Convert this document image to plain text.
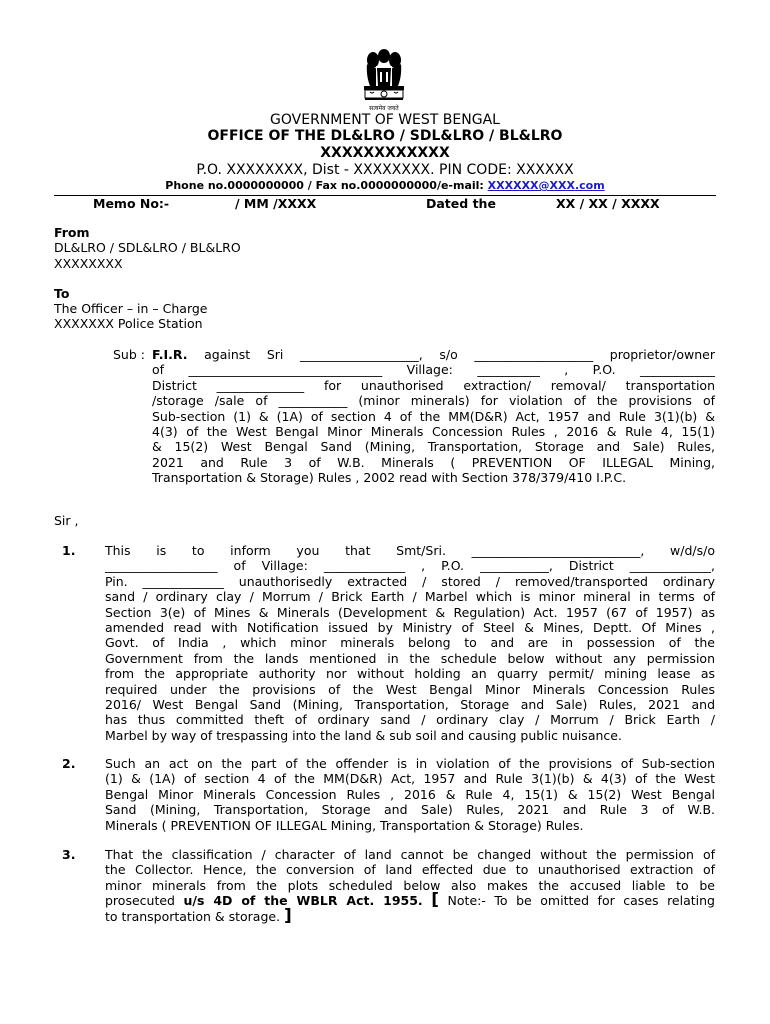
सत्यमेव जयते
GOVERNMENT OF WEST BENGAL
OFFICE OF THE DL&LRO / SDL&LRO / BL&LRO
XXXXXXXXXXXX
P.O. XXXXXXXX, Dist - XXXXXXXX. PIN CODE: XXXXXX
Phone no.0000000000 / Fax no.0000000000/e-mail: XXXXXX@XXX.com
Memo No:-	/ MM /XXXX	Dated the	XX / XX / XXXX
From
DL&LRO / SDL&LRO / BL&LRO
XXXXXXXX
To
The Officer – in – Charge
XXXXXXX Police Station
Sub : F.I.R. against Sri ___________________, s/o ___________________ proprietor/owner
of _______________________________ Village: __________ , P.O. ____________
District ______________ for unauthorised extraction/ removal/ transportation
/storage /sale of ___________ (minor minerals) for violation of the provisions of
Sub-section (1) & (1A) of section 4 of the MM(D&R) Act, 1957 and Rule 3(1)(b) &
4(3) of the West Bengal Minor Minerals Concession Rules , 2016 & Rule 4, 15(1)
& 15(2) West Bengal Sand (Mining, Transportation, Storage and Sale) Rules,
2021 and Rule 3 of W.B. Minerals ( PREVENTION OF ILLEGAL Mining,
Transportation & Storage) Rules , 2002 read with Section 378/379/410 I.P.C.
Sir ,
1. This is to inform you that Smt/Sri. ___________________________, w/d/s/o
__________________ of Village: _____________ , P.O. ___________, District _____________,
Pin. _____________ unauthorisedly extracted / stored / removed/transported ordinary
sand / ordinary clay / Morrum / Brick Earth / Marbel which is minor mineral in terms of
Section 3(e) of Mines & Minerals (Development & Regulation) Act. 1957 (67 of 1957) as
amended read with Notification issued by Ministry of Steel & Mines, Deptt. Of Mines ,
Govt. of India , which minor minerals belong to and are in possession of the
Government from the lands mentioned in the schedule below without any permission
from the appropriate authority nor without holding an quarry permit/ mining lease as
required under the provisions of the West Bengal Minor Minerals Concession Rules
2016/ West Bengal Sand (Mining, Transportation, Storage and Sale) Rules, 2021 and
has thus committed theft of ordinary sand / ordinary clay / Morrum / Brick Earth /
Marbel by way of trespassing into the land & sub soil and causing public nuisance.
2. Such an act on the part of the offender is in violation of the provisions of Sub-section
(1) & (1A) of section 4 of the MM(D&R) Act, 1957 and Rule 3(1)(b) & 4(3) of the West
Bengal Minor Minerals Concession Rules , 2016 & Rule 4, 15(1) & 15(2) West Bengal
Sand (Mining, Transportation, Storage and Sale) Rules, 2021 and Rule 3 of W.B.
Minerals ( PREVENTION OF ILLEGAL Mining, Transportation & Storage) Rules.
3. That the classification / character of land cannot be changed without the permission of
the Collector. Hence, the conversion of land effected due to unauthorised extraction of
minor minerals from the plots scheduled below also makes the accused liable to be
prosecuted u/s 4D of the WBLR Act. 1955. [ Note:- To be omitted for cases relating
to transportation & storage. ]
